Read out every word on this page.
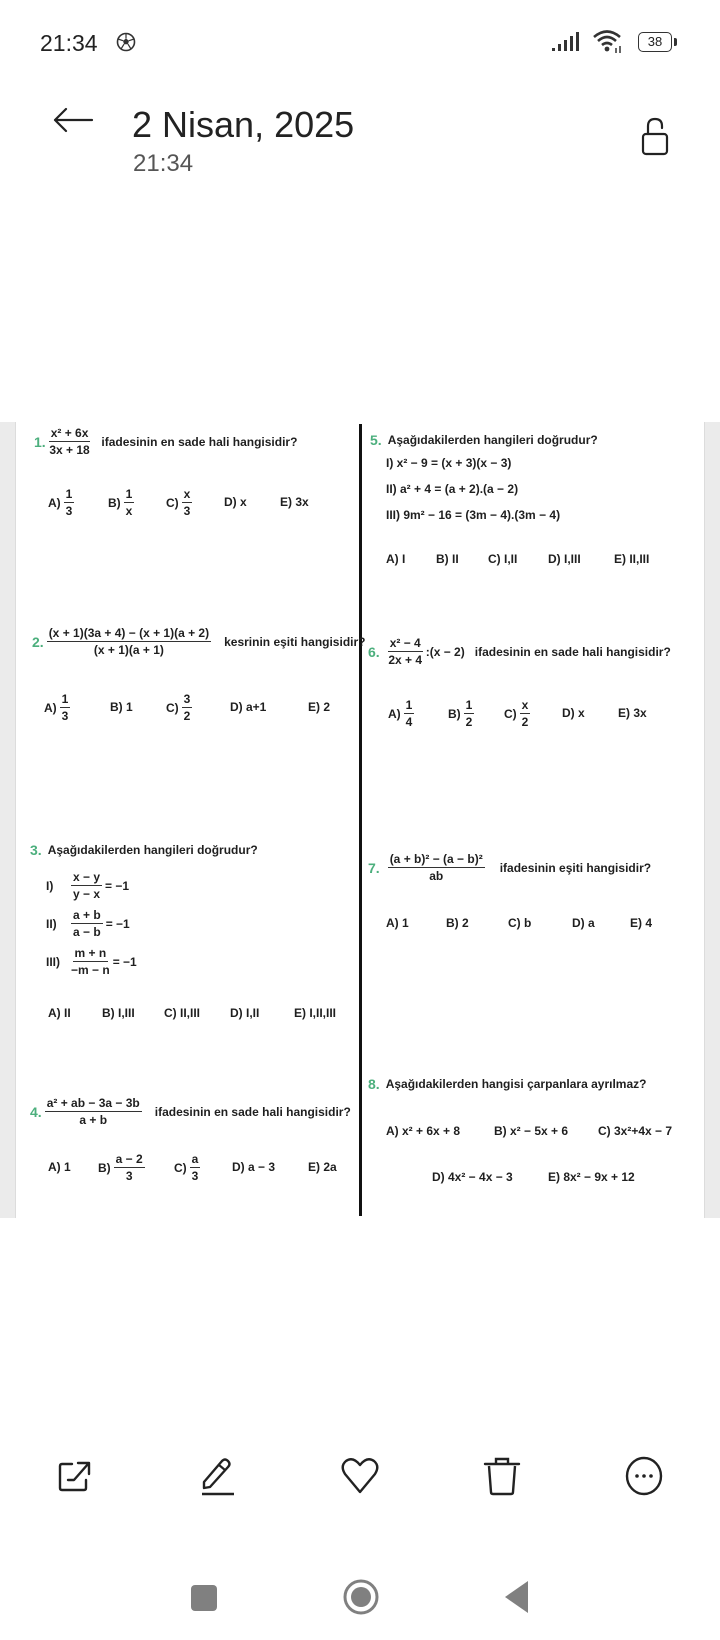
21:34	38
2 Nisan, 2025
21:34
1. $\frac{\text{x² + 6x}}{3x + 18}$ ifadesinin en sade hali hangisidir?
$A) \frac{1}{3}$	$B) \frac{1}{x}$	$C) \frac{x}{3}$	D) x	E) 3x
2. $\frac{(x + 1)(3a + 4) - (x + 1)(a + 2)}{(x + 1)(a + 1)}$ kesrinin eşiti hangisidir?
$A) \frac{1}{3}$	B) 1	$C) \frac{3}{2}$	D) a+1	E) 2
3. Aşağıdakilerden hangileri doğrudur?
I)	$\frac{x - y}{y - x} = -1$
II)	$\frac{a + b}{a - b} = -1$
$III) \frac{m + n}{-m - n} = -1$
A) II	B) I,III C) II,III	D) I,II	E) I,II,III
4. $\frac{\text{a² + ab − 3a − 3b}}{a + b}$ ifadesinin en sade hali hangisidir?
A) 1 $B) \frac{a - 2}{3} C) \frac{a}{3}$	D) a − 3	E) 2a
5. Aşağıdakilerden hangileri doğrudur?
I) x² − 9 = (x + 3)(x − 3)
II) a² + 4 = (a + 2).(a − 2)
III) 9m² − 16 = (3m − 4).(3m − 4)
A) I	B) II C) I,II	D) I,III	E) II,III
6. $\frac{\text{x² − 4}}{2x + 4}$ :(x − 2) ifadesinin en sade hali hangisidir?
$A) \frac{1}{4}$	$B) \frac{1}{2} C) \frac{x}{2}$	D) x	E) 3x
7. $\frac{\text{(a + b)² − (a − b)²}}{ab}$ ifadesinin eşiti hangisidir?
A) 1	B) 2	C) b	D) a	E) 4
8. Aşağıdakilerden hangisi çarpanlara ayrılmaz?
A) x² + 6x + 8	B) x² − 5x + 6 C) 3x²+4x − 7
D) 4x² − 4x − 3	E) 8x² − 9x + 12
